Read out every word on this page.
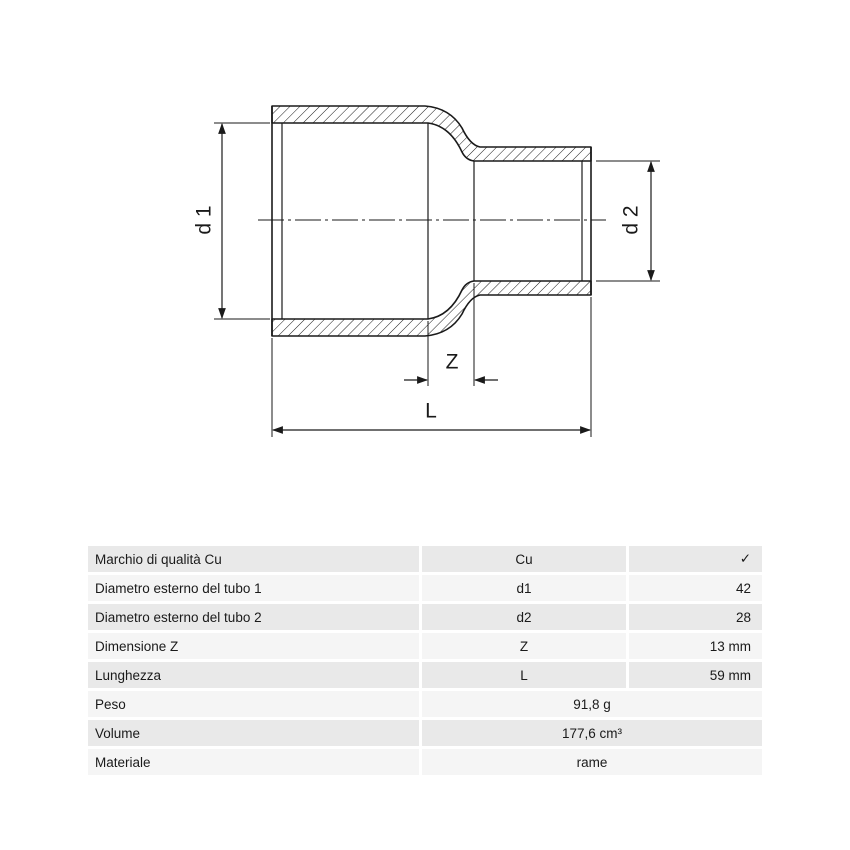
d 1	d 2
Z
L
Marchio di qualità Cu	Cu	✓
Diametro esterno del tubo 1	d1	42
Diametro esterno del tubo 2	d2	28
Dimensione Z	Z	13 mm
Lunghezza	L	59 mm
Peso	91,8 g	
Volume	177,6 cm³	
Materiale	rame	
